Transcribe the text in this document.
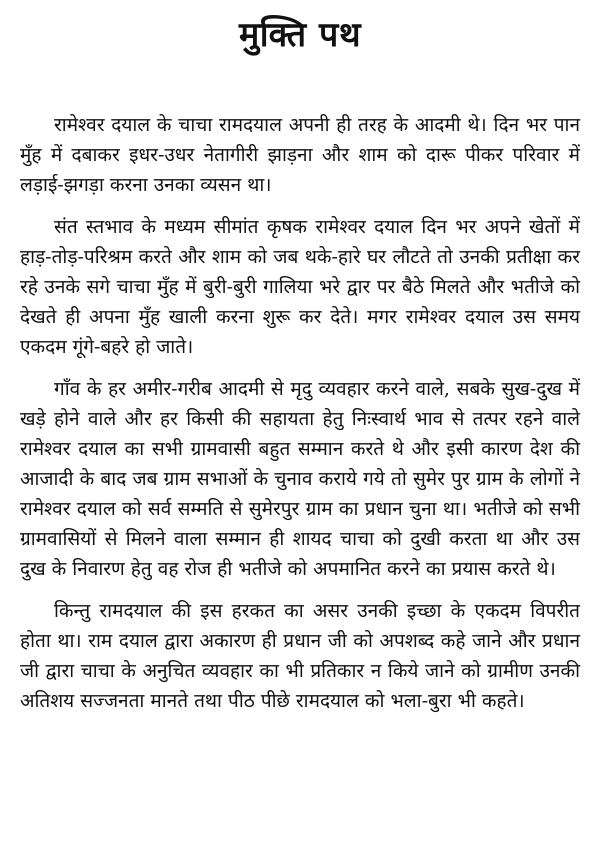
मुक्ति पथ

रामेश्वर दयाल के चाचा रामदयाल अपनी ही तरह के आदमी थे। दिन भर पान मुँह में दबाकर इधर-उधर नेतागीरी झाड़ना और शाम को दारू पीकर परिवार में लड़ाई-झगड़ा करना उनका व्यसन था।

संत स्तभाव के मध्यम सीमांत कृषक रामेश्वर दयाल दिन भर अपने खेतों में हाड़-तोड़-परिश्रम करते और शाम को जब थके-हारे घर लौटते तो उनकी प्रतीक्षा कर रहे उनके सगे चाचा मुँह में बुरी-बुरी गालिया भरे द्वार पर बैठे मिलते और भतीजे को देखते ही अपना मुँह खाली करना शुरू कर देते। मगर रामेश्वर दयाल उस समय एकदम गूंगे-बहरे हो जाते।

गाँव के हर अमीर-गरीब आदमी से मृदु व्यवहार करने वाले, सबके सुख-दुख में खड़े होने वाले और हर किसी की सहायता हेतु निःस्वार्थ भाव से तत्पर रहने वाले रामेश्वर दयाल का सभी ग्रामवासी बहुत सम्मान करते थे और इसी कारण देश की आजादी के बाद जब ग्राम सभाओं के चुनाव कराये गये तो सुमेर पुर ग्राम के लोगों ने रामेश्वर दयाल को सर्व सम्मति से सुमेरपुर ग्राम का प्रधान चुना था। भतीजे को सभी ग्रामवासियों से मिलने वाला सम्मान ही शायद चाचा को दुखी करता था और उस दुख के निवारण हेतु वह रोज ही भतीजे को अपमानित करने का प्रयास करते थे।

किन्तु रामदयाल की इस हरकत का असर उनकी इच्छा के एकदम विपरीत होता था। राम दयाल द्वारा अकारण ही प्रधान जी को अपशब्द कहे जाने और प्रधान जी द्वारा चाचा के अनुचित व्यवहार का भी प्रतिकार न किये जाने को ग्रामीण उनकी अतिशय सज्जनता मानते तथा पीठ पीछे रामदयाल को भला-बुरा भी कहते।
